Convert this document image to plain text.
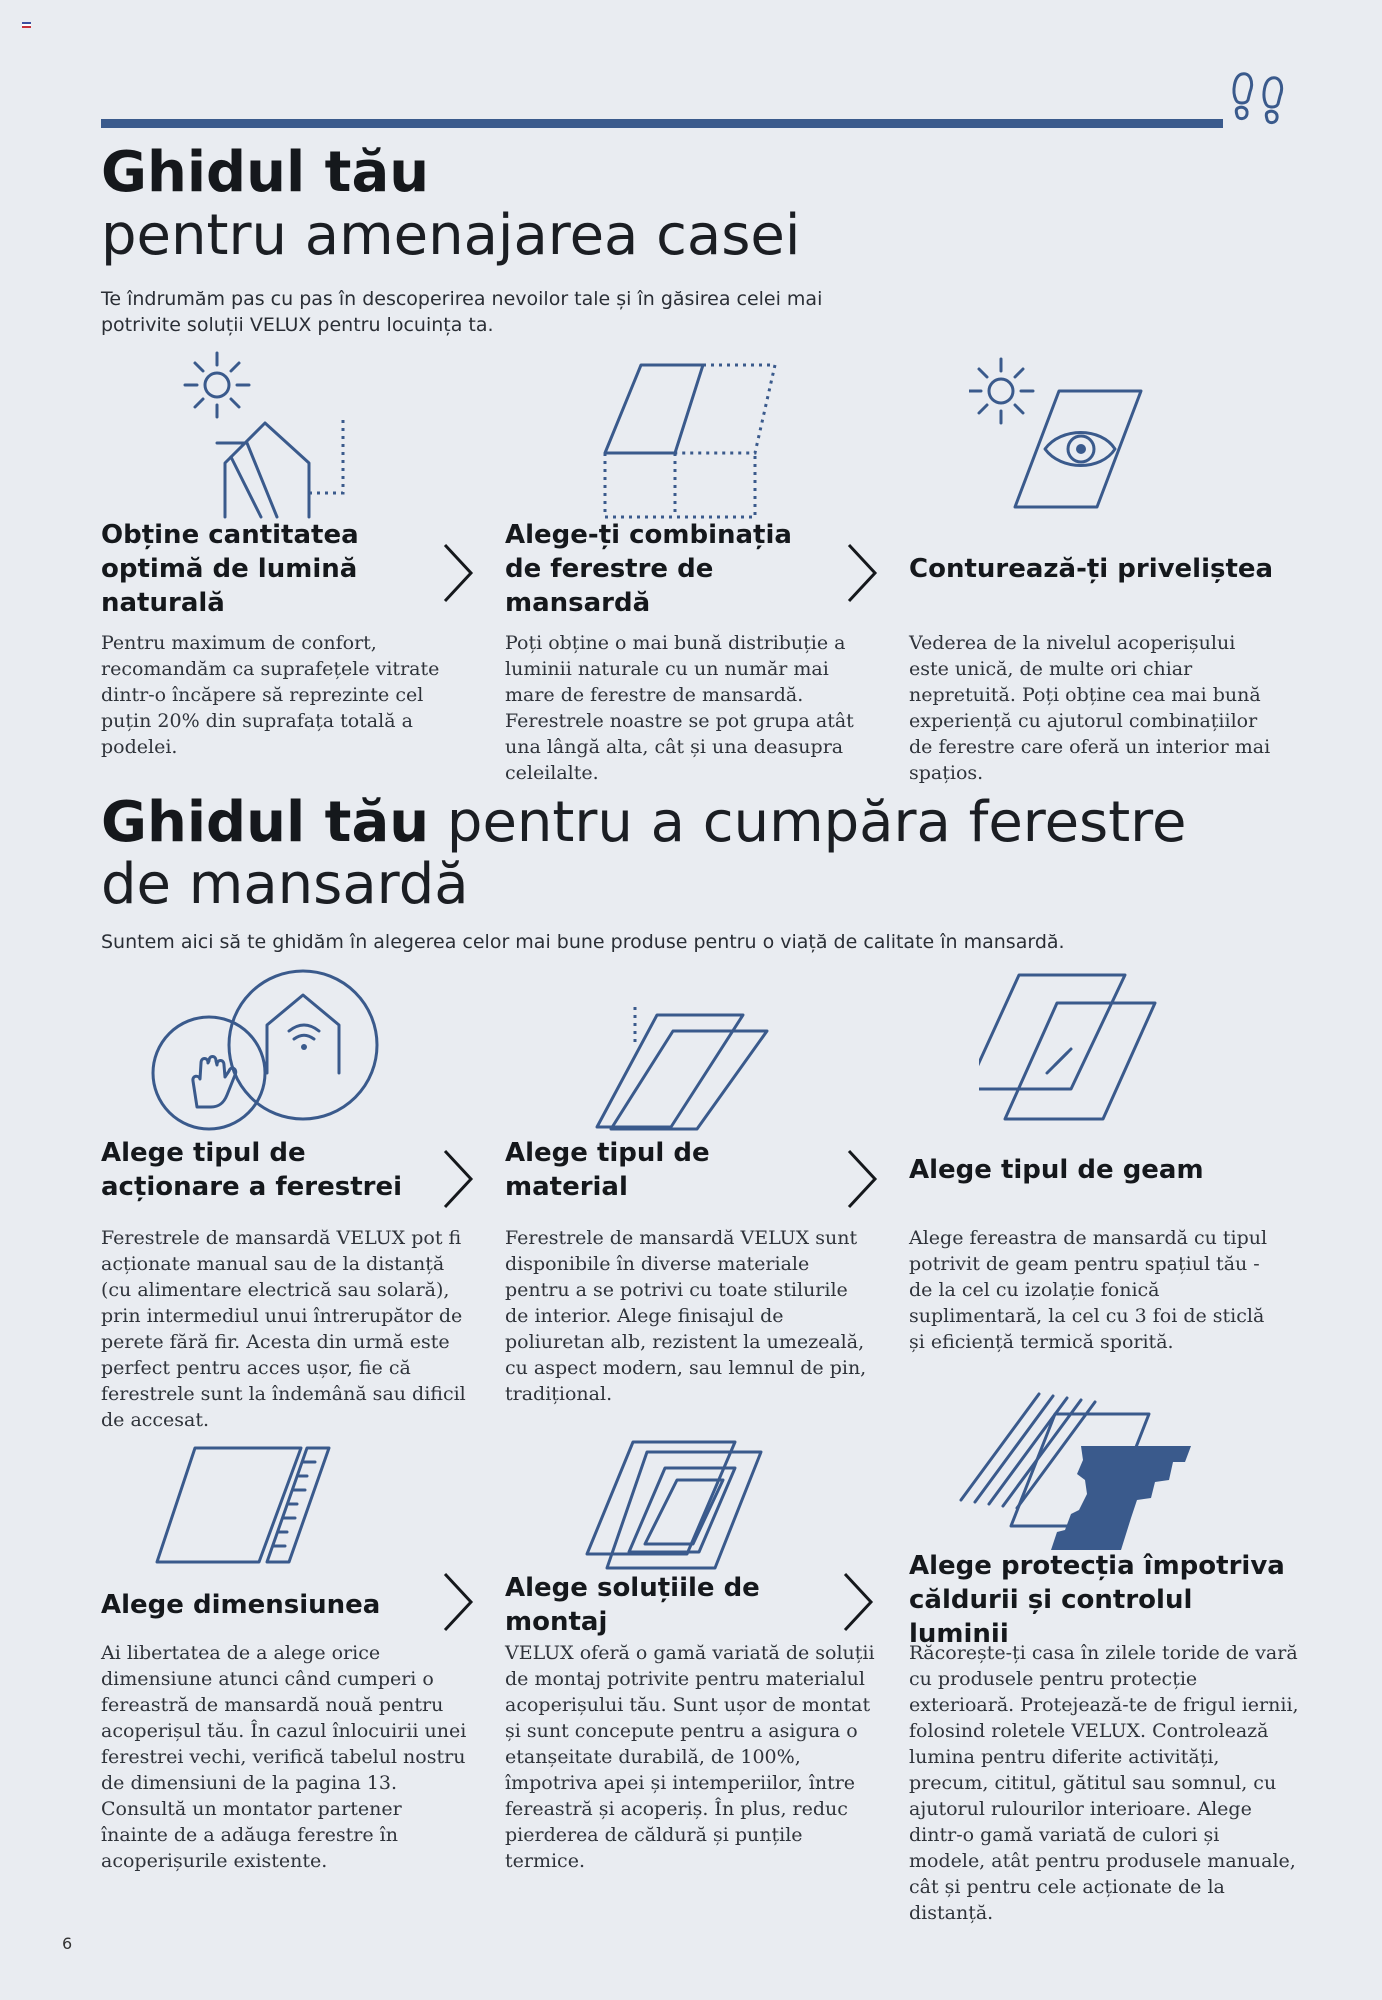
Ghidul tău
pentru amenajarea casei
Te îndrumăm pas cu pas în descoperirea nevoilor tale și în găsirea celei mai potrivite soluții VELUX pentru locuința ta.
Obține cantitatea optimă de lumină naturală
Pentru maximum de confort, recomandăm ca suprafețele vitrate dintr-o încăpere să reprezinte cel puțin 20% din suprafața totală a podelei.
Alege-ți combinația de ferestre de mansardă
Poți obține o mai bună distribuție a luminii naturale cu un număr mai mare de ferestre de mansardă. Ferestrele noastre se pot grupa atât una lângă alta, cât și una deasupra celeilalte.
Conturează-ți priveliștea
Vederea de la nivelul acoperișului este unică, de multe ori chiar nepretuită. Poți obține cea mai bună experiență cu ajutorul combinațiilor de ferestre care oferă un interior mai spațios.
Ghidul tău pentru a cumpăra ferestre de mansardă
Suntem aici să te ghidăm în alegerea celor mai bune produse pentru o viață de calitate în mansardă.
Alege tipul de acționare a ferestrei
Ferestrele de mansardă VELUX pot fi acționate manual sau de la distanță (cu alimentare electrică sau solară), prin intermediul unui întrerupător de perete fără fir. Acesta din urmă este perfect pentru acces ușor, fie că ferestrele sunt la îndemână sau dificil de accesat.
Alege tipul de material
Ferestrele de mansardă VELUX sunt disponibile în diverse materiale pentru a se potrivi cu toate stilurile de interior. Alege finisajul de poliuretan alb, rezistent la umezeală, cu aspect modern, sau lemnul de pin, tradițional.
Alege tipul de geam
Alege fereastra de mansardă cu tipul potrivit de geam pentru spațiul tău - de la cel cu izolație fonică suplimentară, la cel cu 3 foi de sticlă și eficiență termică sporită.
Alege dimensiunea
Ai libertatea de a alege orice dimensiune atunci când cumperi o fereastră de mansardă nouă pentru acoperișul tău. În cazul înlocuirii unei ferestrei vechi, verifică tabelul nostru de dimensiuni de la pagina 13. Consultă un montator partener înainte de a adăuga ferestre în acoperișurile existente.
Alege soluțiile de montaj
VELUX oferă o gamă variată de soluții de montaj potrivite pentru materialul acoperișului tău. Sunt ușor de montat și sunt concepute pentru a asigura o etanșeitate durabilă, de 100%, împotriva apei și intemperiilor, între fereastră și acoperiș. În plus, reduc pierderea de căldură și punțile termice.
Alege protecția împotriva căldurii și controlul luminii
Răcorește-ți casa în zilele toride de vară cu produsele pentru protecție exterioară. Protejează-te de frigul iernii, folosind roletele VELUX. Controlează lumina pentru diferite activități, precum, cititul, gătitul sau somnul, cu ajutorul rulourilor interioare. Alege dintr-o gamă variată de culori și modele, atât pentru produsele manuale, cât și pentru cele acționate de la distanță.
6
